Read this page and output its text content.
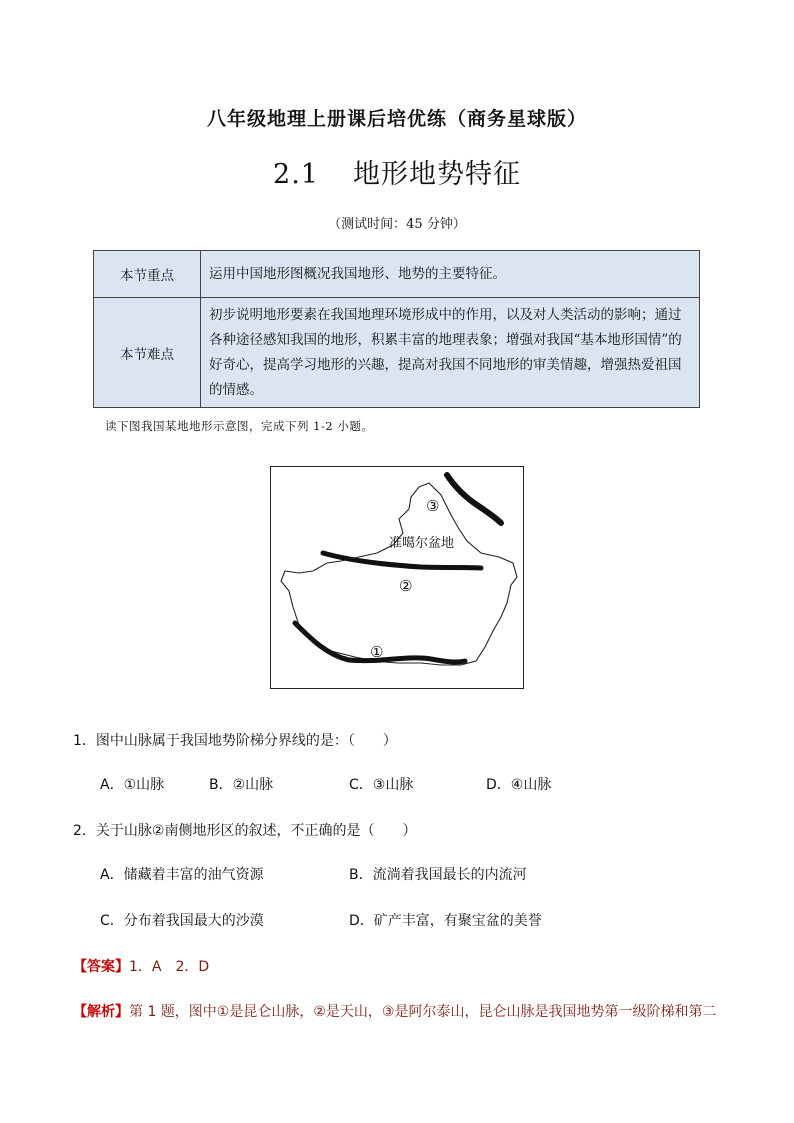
八年级地理上册课后培优练（商务星球版）
2.1 地形地势特征
（测试时间：45 分钟）
本节重点	运用中国地形图概况我国地形、地势的主要特征。
本节难点	初步说明地形要素在我国地理环境形成中的作用，以及对人类活动的影响；通过各种途径感知我国的地形，积累丰富的地理表象；增强对我国“基本地形国情”的好奇心，提高学习地形的兴趣，提高对我国不同地形的审美情趣，增强热爱祖国的情感。
读下图我国某地地形示意图，完成下列 1-2 小题。
准噶尔盆地
②
①
③
1．图中山脉属于我国地势阶梯分界线的是：（　　）
A．①山脉	B．②山脉	C．③山脉	D．④山脉
2．关于山脉②南侧地形区的叙述，不正确的是（　　）
A．储藏着丰富的油气资源	B．流淌着我国最长的内流河
C．分布着我国最大的沙漠	D．矿产丰富，有聚宝盆的美誉
【答案】1．A　2．D
【解析】第 1 题，图中①是昆仑山脉，②是天山，③是阿尔泰山，昆仑山脉是我国地势第一级阶梯和第二
